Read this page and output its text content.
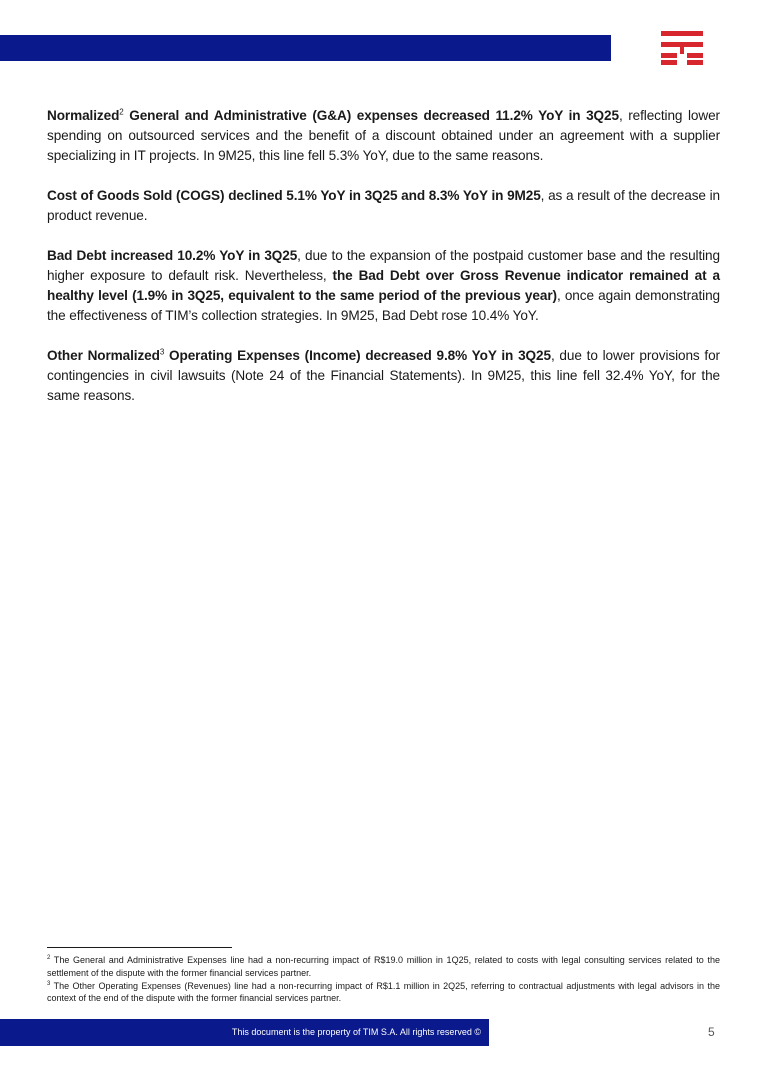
Normalized$^2$ General and Administrative (G&A) expenses decreased 11.2% YoY in 3Q25, reflecting lower spending on outsourced services and the benefit of a discount obtained under an agreement with a supplier specializing in IT projects. In 9M25, this line fell 5.3% YoY, due to the same reasons.

Cost of Goods Sold (COGS) declined 5.1% YoY in 3Q25 and 8.3% YoY in 9M25, as a result of the decrease in product revenue.

Bad Debt increased 10.2% YoY in 3Q25, due to the expansion of the postpaid customer base and the resulting higher exposure to default risk. Nevertheless, the Bad Debt over Gross Revenue indicator remained at a healthy level (1.9% in 3Q25, equivalent to the same period of the previous year), once again demonstrating the effectiveness of TIM’s collection strategies. In 9M25, Bad Debt rose 10.4% YoY.

Other Normalized$^3$ Operating Expenses (Income) decreased 9.8% YoY in 3Q25, due to lower provisions for contingencies in civil lawsuits (Note 24 of the Financial Statements). In 9M25, this line fell 32.4% YoY, for the same reasons.

$^2$ The General and Administrative Expenses line had a non-recurring impact of R$19.0 million in 1Q25, related to costs with legal consulting services related to the settlement of the dispute with the former financial services partner.

$^3$ The Other Operating Expenses (Revenues) line had a non-recurring impact of R$1.1 million in 2Q25, referring to contractual adjustments with legal advisors in the context of the end of the dispute with the former financial services partner.

This document is the property of TIM S.A. All rights reserved ©	5
